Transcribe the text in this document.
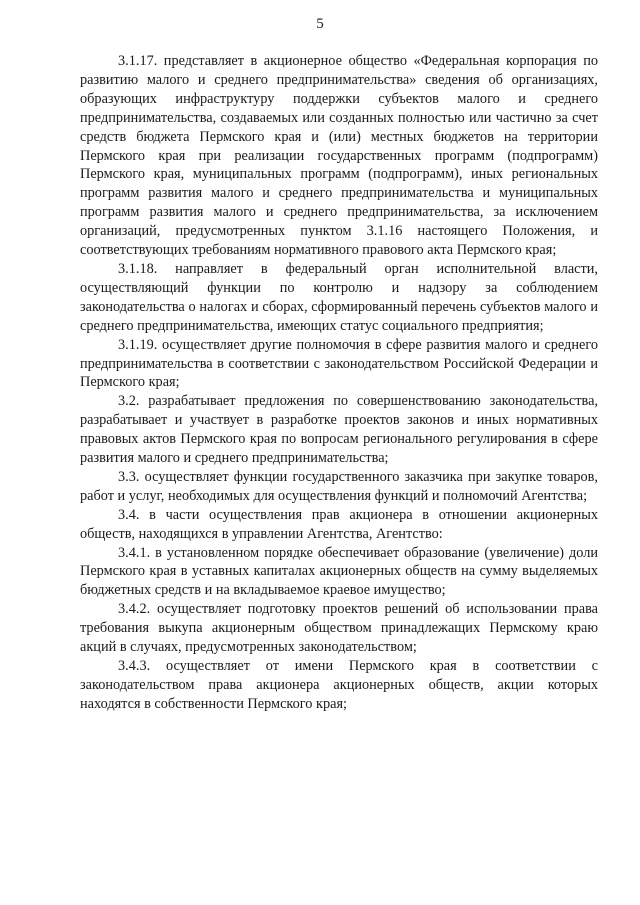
5

3.1.17. представляет в акционерное общество «Федеральная корпорация по развитию малого и среднего предпринимательства» сведения об организациях, образующих инфраструктуру поддержки субъектов малого и среднего предпринимательства, создаваемых или созданных полностью или частично за счет средств бюджета Пермского края и (или) местных бюджетов на территории Пермского края при реализации государственных программ (подпрограмм) Пермского края, муниципальных программ (подпрограмм), иных региональных программ развития малого и среднего предпринимательства и муниципальных программ развития малого и среднего предпринимательства, за исключением организаций, предусмотренных пунктом 3.1.16 настоящего Положения, и соответствующих требованиям нормативного правового акта Пермского края;

3.1.18. направляет в федеральный орган исполнительной власти, осуществляющий функции по контролю и надзору за соблюдением законодательства о налогах и сборах, сформированный перечень субъектов малого и среднего предпринимательства, имеющих статус социального предприятия;

3.1.19. осуществляет другие полномочия в сфере развития малого и среднего предпринимательства в соответствии с законодательством Российской Федерации и Пермского края;

3.2. разрабатывает предложения по совершенствованию законодательства, разрабатывает и участвует в разработке проектов законов и иных нормативных правовых актов Пермского края по вопросам регионального регулирования в сфере развития малого и среднего предпринимательства;

3.3. осуществляет функции государственного заказчика при закупке товаров, работ и услуг, необходимых для осуществления функций и полномочий Агентства;

3.4. в части осуществления прав акционера в отношении акционерных обществ, находящихся в управлении Агентства, Агентство:

3.4.1. в установленном порядке обеспечивает образование (увеличение) доли Пермского края в уставных капиталах акционерных обществ на сумму выделяемых бюджетных средств и на вкладываемое краевое имущество;

3.4.2. осуществляет подготовку проектов решений об использовании права требования выкупа акционерным обществом принадлежащих Пермскому краю акций в случаях, предусмотренных законодательством;

3.4.3. осуществляет от имени Пермского края в соответствии с законодательством права акционера акционерных обществ, акции которых находятся в собственности Пермского края;
